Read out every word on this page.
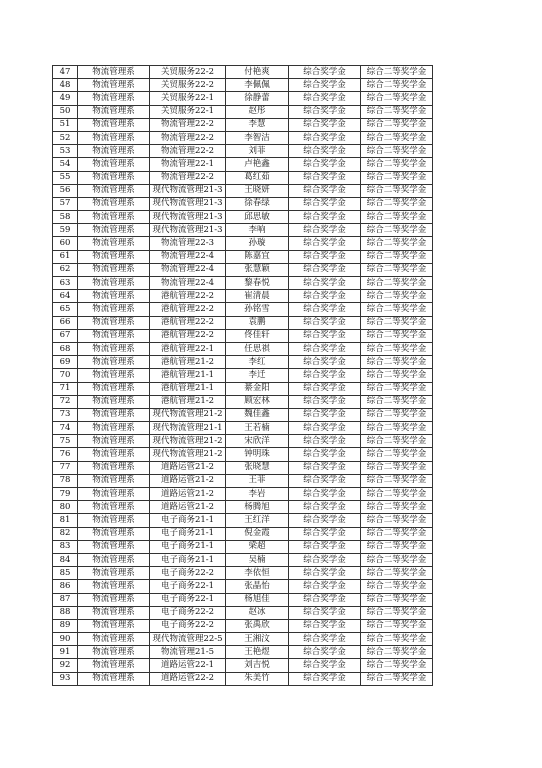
47	物流管理系	关贸服务22-2	付艳爽	综合奖学金	综合二等奖学金
48	物流管理系	关贸服务22-2	李佩佩	综合奖学金	综合二等奖学金
49	物流管理系	关贸服务22-1	徐静蕾	综合奖学金	综合二等奖学金
50	物流管理系	关贸服务22-1	赵彤	综合奖学金	综合二等奖学金
51	物流管理系	物流管理22-2	李慧	综合奖学金	综合二等奖学金
52	物流管理系	物流管理22-2	李智洁	综合奖学金	综合二等奖学金
53	物流管理系	物流管理22-2	刘菲	综合奖学金	综合二等奖学金
54	物流管理系	物流管理22-1	卢艳鑫	综合奖学金	综合二等奖学金
55	物流管理系	物流管理22-2	葛红茹	综合奖学金	综合二等奖学金
56	物流管理系	现代物流管理21-3	王晓妍	综合奖学金	综合二等奖学金
57	物流管理系	现代物流管理21-3	徐春绿	综合奖学金	综合二等奖学金
58	物流管理系	现代物流管理21-3	邱思敏	综合奖学金	综合二等奖学金
59	物流管理系	现代物流管理21-3	李响	综合奖学金	综合二等奖学金
60	物流管理系	物流管理22-3	孙璇	综合奖学金	综合二等奖学金
61	物流管理系	物流管理22-4	陈嘉宜	综合奖学金	综合二等奖学金
62	物流管理系	物流管理22-4	张慧颖	综合奖学金	综合二等奖学金
63	物流管理系	物流管理22-4	黎春悦	综合奖学金	综合二等奖学金
64	物流管理系	港航管理22-2	崔清晨	综合奖学金	综合二等奖学金
65	物流管理系	港航管理22-2	孙铭雪	综合奖学金	综合二等奖学金
66	物流管理系	港航管理22-2	袁鹏	综合奖学金	综合二等奖学金
67	物流管理系	港航管理22-2	佟佳轩	综合奖学金	综合二等奖学金
68	物流管理系	港航管理22-1	任思祺	综合奖学金	综合二等奖学金
69	物流管理系	港航管理21-2	李红	综合奖学金	综合二等奖学金
70	物流管理系	港航管理21-1	李迁	综合奖学金	综合二等奖学金
71	物流管理系	港航管理21-1	綦金阳	综合奖学金	综合二等奖学金
72	物流管理系	港航管理21-2	顾宏林	综合奖学金	综合二等奖学金
73	物流管理系	现代物流管理21-2	魏佳鑫	综合奖学金	综合二等奖学金
74	物流管理系	现代物流管理21-1	王若楠	综合奖学金	综合二等奖学金
75	物流管理系	现代物流管理21-2	宋欣洋	综合奖学金	综合二等奖学金
76	物流管理系	现代物流管理21-2	钟明珠	综合奖学金	综合二等奖学金
77	物流管理系	道路运管21-2	张晓慧	综合奖学金	综合二等奖学金
78	物流管理系	道路运管21-2	王菲	综合奖学金	综合二等奖学金
79	物流管理系	道路运管21-2	李岩	综合奖学金	综合二等奖学金
80	物流管理系	道路运管21-2	杨腾旭	综合奖学金	综合二等奖学金
81	物流管理系	电子商务21-1	王红洋	综合奖学金	综合二等奖学金
82	物流管理系	电子商务21-1	倪金霞	综合奖学金	综合二等奖学金
83	物流管理系	电子商务21-1	梁超	综合奖学金	综合二等奖学金
84	物流管理系	电子商务21-1	吴楠	综合奖学金	综合二等奖学金
85	物流管理系	电子商务22-2	李依恒	综合奖学金	综合二等奖学金
86	物流管理系	电子商务22-1	张晶怡	综合奖学金	综合二等奖学金
87	物流管理系	电子商务22-1	杨旭佳	综合奖学金	综合二等奖学金
88	物流管理系	电子商务22-2	赵冰	综合奖学金	综合二等奖学金
89	物流管理系	电子商务22-2	张禹欣	综合奖学金	综合二等奖学金
90	物流管理系	现代物流管理22-5	王湘汶	综合奖学金	综合二等奖学金
91	物流管理系	物流管理21-5	王艳煜	综合奖学金	综合二等奖学金
92	物流管理系	道路运管22-1	刘吉悦	综合奖学金	综合二等奖学金
93	物流管理系	道路运管22-2	朱美竹	综合奖学金	综合二等奖学金
